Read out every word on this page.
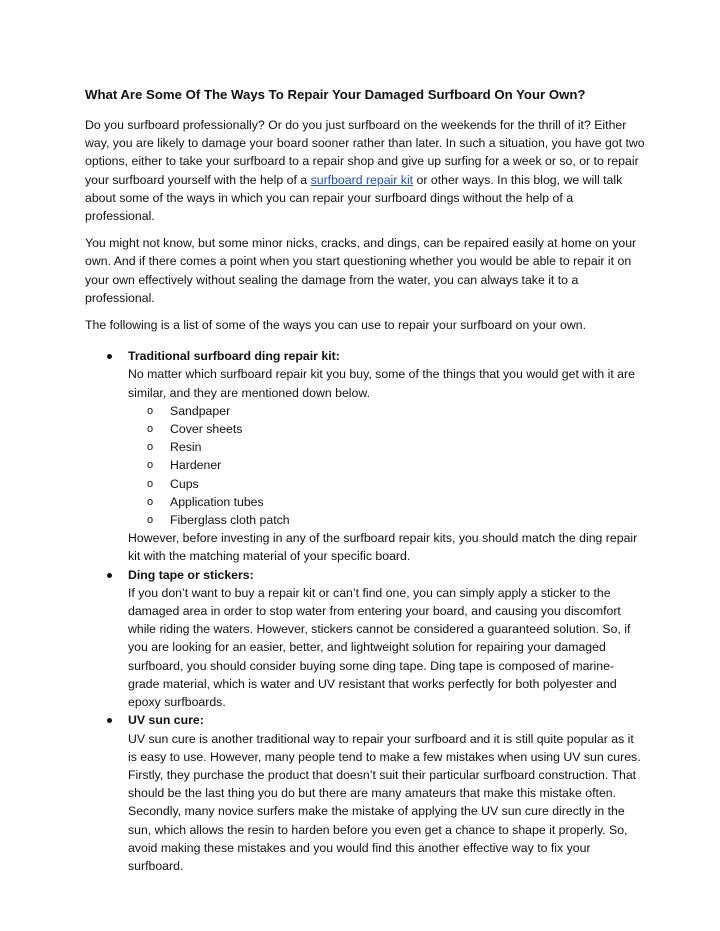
What Are Some Of The Ways To Repair Your Damaged Surfboard On Your Own?

Do you surfboard professionally? Or do you just surfboard on the weekends for the thrill of it? Either way, you are likely to damage your board sooner rather than later. In such a situation, you have got two options, either to take your surfboard to a repair shop and give up surfing for a week or so, or to repair your surfboard yourself with the help of a surfboard repair kit or other ways. In this blog, we will talk about some of the ways in which you can repair your surfboard dings without the help of a professional.

You might not know, but some minor nicks, cracks, and dings, can be repaired easily at home on your own. And if there comes a point when you start questioning whether you would be able to repair it on your own effectively without sealing the damage from the water, you can always take it to a professional.

The following is a list of some of the ways you can use to repair your surfboard on your own.

Traditional surfboard ding repair kit:
No matter which surfboard repair kit you buy, some of the things that you would get with it are similar, and they are mentioned down below.
o Sandpaper
o Cover sheets
o Resin
o Hardener
o Cups
o Application tubes
o Fiberglass cloth patch
However, before investing in any of the surfboard repair kits, you should match the ding repair kit with the matching material of your specific board.
Ding tape or stickers:
If you don’t want to buy a repair kit or can’t find one, you can simply apply a sticker to the damaged area in order to stop water from entering your board, and causing you discomfort while riding the waters. However, stickers cannot be considered a guaranteed solution. So, if you are looking for an easier, better, and lightweight solution for repairing your damaged surfboard, you should consider buying some ding tape. Ding tape is composed of marine-grade material, which is water and UV resistant that works perfectly for both polyester and epoxy surfboards.
UV sun cure:
UV sun cure is another traditional way to repair your surfboard and it is still quite popular as it is easy to use. However, many people tend to make a few mistakes when using UV sun cures. Firstly, they purchase the product that doesn’t suit their particular surfboard construction. That should be the last thing you do but there are many amateurs that make this mistake often. Secondly, many novice surfers make the mistake of applying the UV sun cure directly in the sun, which allows the resin to harden before you even get a chance to shape it properly. So, avoid making these mistakes and you would find this another effective way to fix your surfboard.
